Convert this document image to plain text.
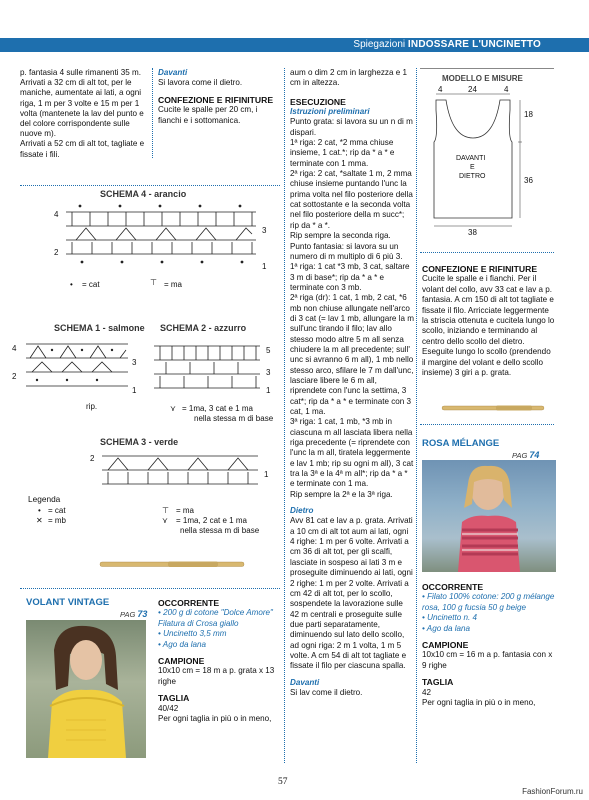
Spiegazioni INDOSSARE L'UNCINETTO

p. fantasia 4 sulle rimanenti 35 m. Arrivati a 32 cm di alt tot, per le maniche, aumentate ai lati, a ogni riga, 1 m per 3 volte e 15 m per 1 volta (mantenete la lav del punto e del colore corrispondente sulle nuove m).

Arrivati a 52 cm di alt tot, tagliate e fissate i fili.

Davanti

Si lavora come il dietro.

CONFEZIONE E RIFINITURE

Cucite le spalle per 20 cm, i fianchi e i sottomanica.

aum o dim 2 cm in larghezza e 1 cm in altezza.

ESECUZIONE

Istruzioni preliminari

Punto grata: si lavora su un n di m dispari.

1ª riga: 2 cat, *2 mma chiuse insieme, 1 cat.*; rip da * a * e terminate con 1 mma.

2ª riga: 2 cat, *saltate 1 m, 2 mma chiuse insieme puntando l'unc la prima volta nel filo posteriore della cat sottostante e la seconda volta nel filo posteriore della m succ*; rip da * a *.

Rip sempre la seconda riga.

Punto fantasia: si lavora su un numero di m multiplo di 6 più 3.

1ª riga: 1 cat *3 mb, 3 cat, saltare 3 m di base*; rip da * a * e terminate con 3 mb.

2ª riga (dr): 1 cat, 1 mb, 2 cat, *6 mb non chiuse allungate nell'arco di 3 cat (= lav 1 mb, allungare la m sull'unc tirando il filo; lav allo stesso modo altre 5 m all senza chiudere la m all precedente; sull' unc si avranno 6 m all), 1 mb nello stesso arco, sfilare le 7 m dall'unc, lasciare libere le 6 m all, riprendete con l'unc la settima, 3 cat*; rip da * a * e terminate con 3 cat, 1 ma.

3ª riga: 1 cat, 1 mb, *3 mb in ciascuna m all lasciata libera nella riga precedente (= riprendete con l'unc la m all, tiratela leggermente e lav 1 mb; rip su ogni m all), 3 cat tra la 3ª e la 4ª m all*; rip da * a * e terminate con 1 ma.

Rip sempre la 2ª e la 3ª riga.

Dietro

Avv 81 cat e lav a p. grata. Arrivati a 10 cm di alt tot aum ai lati, ogni 4 righe: 1 m per 6 volte. Arrivati a cm 36 di alt tot, per gli scalfi, lasciate in sospeso ai lati 3 m e proseguite diminuendo ai lati, ogni 2 righe: 1 m per 2 volte. Arrivati a cm 42 di alt tot, per lo scollo, sospendete la lavorazione sulle 42 m centrali e proseguite sulle due parti separatamente, diminuendo sul lato dello scollo, ad ogni riga: 2 m 1 volta, 1 m 5 volte. A cm 54 di alt tot tagliate e fissate il filo per ciascuna spalla.

Davanti

Si lav come il dietro.

MODELLO E MISURE
4	24	4
18
36
38
DAVANTI
E
DIETRO

CONFEZIONE E RIFINITURE

Cucite le spalle e i fianchi. Per il volant del collo, avv 33 cat e lav a p. fantasia. A cm 150 di alt tot tagliate e fissate il filo. Arricciate leggermente la striscia ottenuta e cucitela lungo lo scollo, iniziando e terminando al centro dello scollo del dietro. Eseguite lungo lo scollo (prendendo il margine del volant e dello scollo insieme) 3 giri a p. grata.

ROSA MÉLANGE
PAG 74

OCCORRENTE

• Filato 100% cotone: 200 g mélange rosa, 100 g fucsia 50 g beige

• Uncinetto n. 4

• Ago da lana

CAMPIONE

10x10 cm = 16 m a p. fantasia con x 9 righe

TAGLIA

42

Per ogni taglia in più o in meno,

SCHEMA 4 - arancio
4
2
3
1
• = cat	⊤ = ma
SCHEMA 1 - salmone SCHEMA 2 - azzurro
4
2
3
1
rip.
5
3
1
⋎ = 1ma, 3 cat e 1 ma
nella stessa m di base
SCHEMA 3 - verde
2
1
Legenda
• = cat
✕ = mb
⊤ = ma
⋎ = 1ma, 2 cat e 1 ma
nella stessa m di base
VOLANT VINTAGE
PAG 73

OCCORRENTE

• 200 g di cotone "Dolce Amore" Filatura di Crosa giallo

• Uncinetto 3,5 mm

• Ago da lana

CAMPIONE

10x10 cm = 18 m a p. grata x 13 righe

TAGLIA

40/42

Per ogni taglia in più o in meno,

57
FashionForum.ru
